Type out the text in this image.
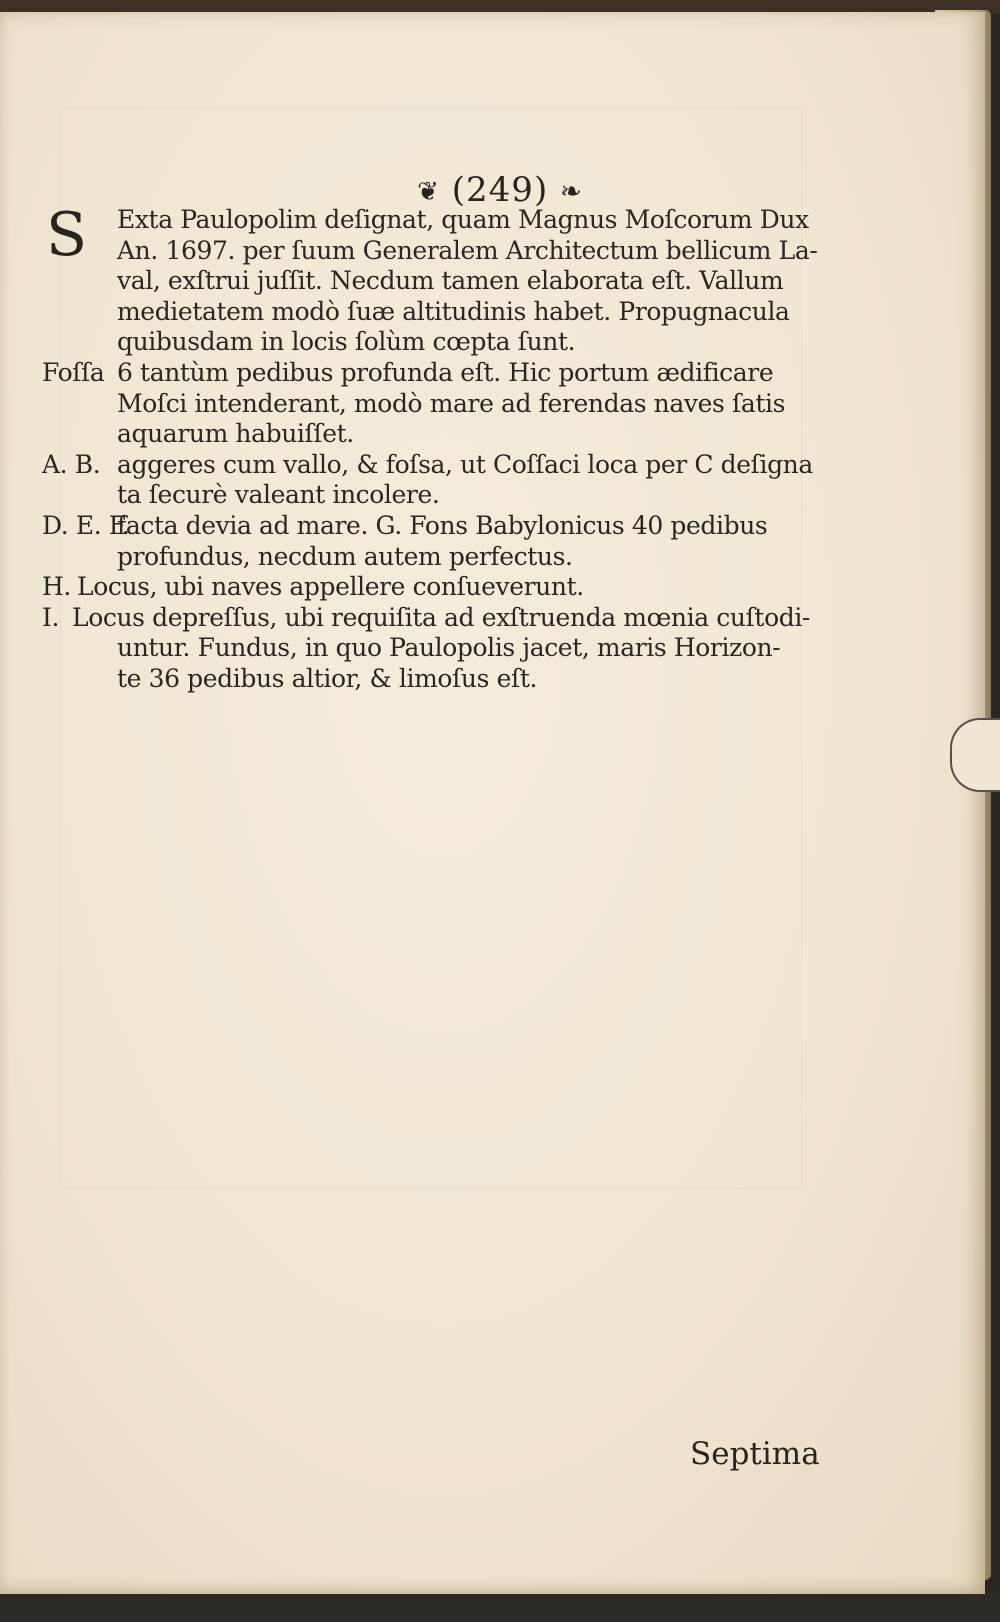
❦ (249) ❧
S Exta Paulopolim deſignat, quam Magnus Moſcorum Dux
An. 1697. per ſuum Generalem Architectum bellicum La-
val, exſtrui juſſit. Necdum tamen elaborata eſt. Vallum
medietatem modò ſuæ altitudinis habet. Propugnacula
quibusdam in locis ſolùm cœpta ſunt.
Foſſa 6 tantùm pedibus profunda eſt. Hic portum ædificare
Moſci intenderant, modò mare ad ferendas naves ſatis
aquarum habuiſſet.
A. B. aggeres cum vallo, & foſsa, ut Coſſaci loca per C deſigna
ta ſecurè valeant incolere.
D. E. F.
facta devia ad mare. G. Fons Babylonicus 40 pedibus
profundus, necdum autem perfectus.
H. Locus, ubi naves appellere conſueverunt.
I. Locus depreſſus, ubi requiſita ad exſtruenda mœnia cuſtodi-
untur. Fundus, in quo Paulopolis jacet, maris Horizon-
te 36 pedibus altior, & limoſus eſt.
Septima
